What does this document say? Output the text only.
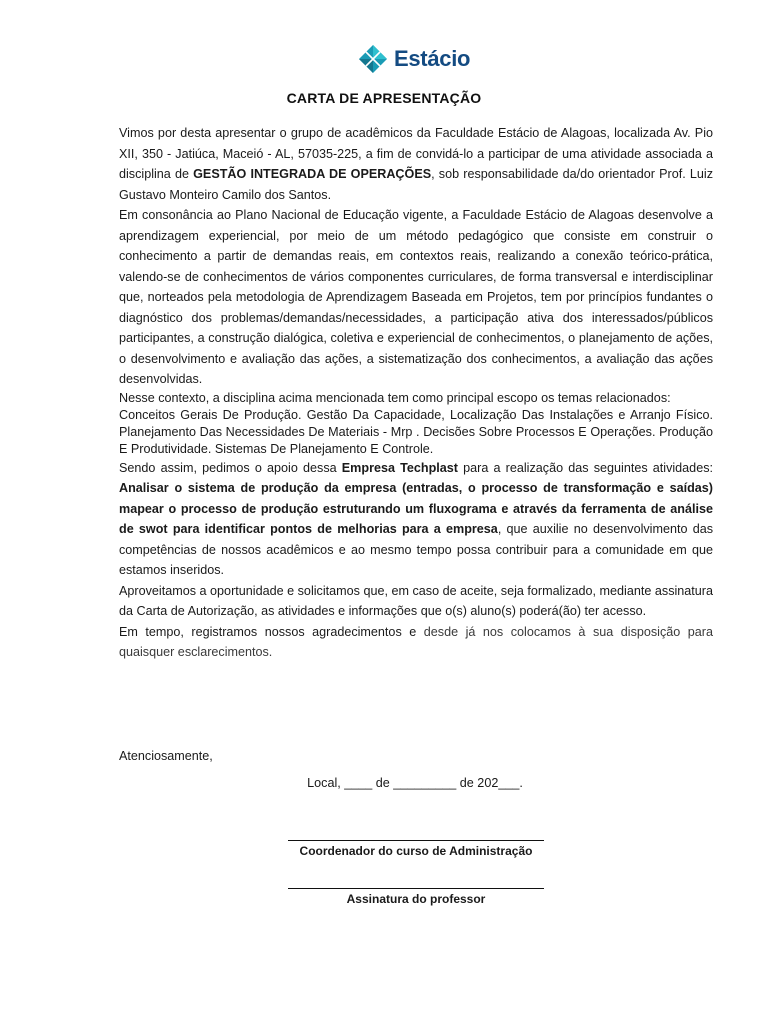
Estácio
CARTA DE APRESENTAÇÃO

Vimos por desta apresentar o grupo de acadêmicos da Faculdade Estácio de Alagoas, localizada Av. Pio XII, 350 - Jatiúca, Maceió - AL, 57035-225, a fim de convidá-lo a participar de uma atividade associada a disciplina de GESTÃO INTEGRADA DE OPERAÇÕES, sob responsabilidade da/do orientador Prof. Luiz Gustavo Monteiro Camilo dos Santos.

Em consonância ao Plano Nacional de Educação vigente, a Faculdade Estácio de Alagoas desenvolve a aprendizagem experiencial, por meio de um método pedagógico que consiste em construir o conhecimento a partir de demandas reais, em contextos reais, realizando a conexão teórico-prática, valendo-se de conhecimentos de vários componentes curriculares, de forma transversal e interdisciplinar que, norteados pela metodologia de Aprendizagem Baseada em Projetos, tem por princípios fundantes o diagnóstico dos problemas/demandas/necessidades, a participação ativa dos interessados/públicos participantes, a construção dialógica, coletiva e experiencial de conhecimentos, o planejamento de ações, o desenvolvimento e avaliação das ações, a sistematização dos conhecimentos, a avaliação das ações desenvolvidas.

Nesse contexto, a disciplina acima mencionada tem como principal escopo os temas relacionados:

Conceitos Gerais De Produção. Gestão Da Capacidade, Localização Das Instalações e Arranjo Físico. Planejamento Das Necessidades De Materiais - Mrp . Decisões Sobre Processos E Operações. Produção E Produtividade. Sistemas De Planejamento E Controle.

Sendo assim, pedimos o apoio dessa Empresa Techplast para a realização das seguintes atividades: Analisar o sistema de produção da empresa (entradas, o processo de transformação e saídas) mapear o processo de produção estruturando um fluxograma e através da ferramenta de análise de swot para identificar pontos de melhorias para a empresa, que auxilie no desenvolvimento das competências de nossos acadêmicos e ao mesmo tempo possa contribuir para a comunidade em que estamos inseridos.

Aproveitamos a oportunidade e solicitamos que, em caso de aceite, seja formalizado, mediante assinatura da Carta de Autorização, as atividades e informações que o(s) aluno(s) poderá(ão) ter acesso.

Em tempo, registramos nossos agradecimentos e desde já nos colocamos à sua disposição para quaisquer esclarecimentos.

Atenciosamente,
Local, ____ de _________ de 202___.
Coordenador do curso de Administração
Assinatura do professor
